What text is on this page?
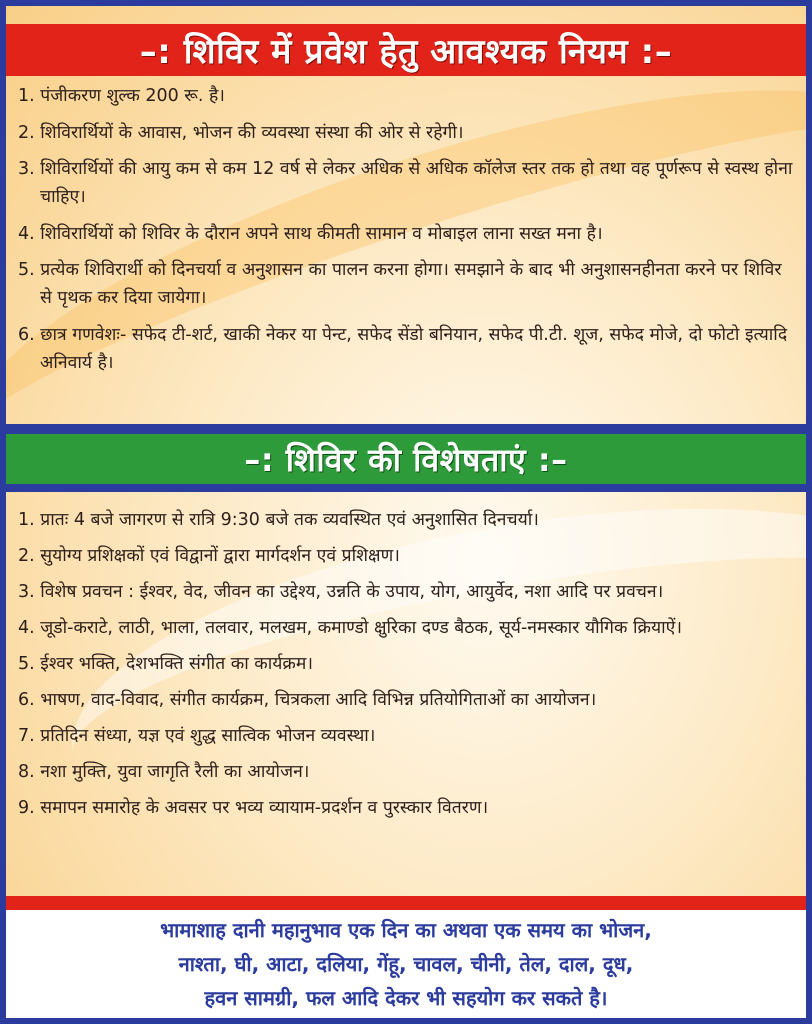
–: शिविर में प्रवेश हेतु आवश्यक नियम :–
1. पंजीकरण शुल्क 200 रू. है।
2. शिविरार्थियों के आवास, भोजन की व्यवस्था संस्था की ओर से रहेगी।
3. शिविरार्थियों की आयु कम से कम 12 वर्ष से लेकर अधिक से अधिक कॉलेज स्तर तक हो तथा वह पूर्णरूप से स्वस्थ होना चाहिए।
4. शिविरार्थियों को शिविर के दौरान अपने साथ कीमती सामान व मोबाइल लाना सख्त मना है।
5. प्रत्येक शिविरार्थी को दिनचर्या व अनुशासन का पालन करना होगा। समझाने के बाद भी अनुशासनहीनता करने पर शिविर से पृथक कर दिया जायेगा।
6. छात्र गणवेशः- सफेद टी-शर्ट, खाकी नेकर या पेन्ट, सफेद सेंडो बनियान, सफेद पी.टी. शूज, सफेद मोजे, दो फोटो इत्यादि अनिवार्य है।
–: शिविर की विशेषताएं :–
1. प्रातः 4 बजे जागरण से रात्रि 9:30 बजे तक व्यवस्थित एवं अनुशासित दिनचर्या।
2. सुयोग्य प्रशिक्षकों एवं विद्वानों द्वारा मार्गदर्शन एवं प्रशिक्षण।
3. विशेष प्रवचन : ईश्वर, वेद, जीवन का उद्देश्य, उन्नति के उपाय, योग, आयुर्वेद, नशा आदि पर प्रवचन।
4. जूडो-कराटे, लाठी, भाला, तलवार, मलखम, कमाण्डो क्षुरिका दण्ड बैठक, सूर्य-नमस्कार यौगिक क्रियाऐं।
5. ईश्वर भक्ति, देशभक्ति संगीत का कार्यक्रम।
6. भाषण, वाद-विवाद, संगीत कार्यक्रम, चित्रकला आदि विभिन्न प्रतियोगिताओं का आयोजन।
7. प्रतिदिन संध्या, यज्ञ एवं शुद्ध सात्विक भोजन व्यवस्था।
8. नशा मुक्ति, युवा जागृति रैली का आयोजन।
9. समापन समारोह के अवसर पर भव्य व्यायाम-प्रदर्शन व पुरस्कार वितरण।
भामाशाह दानी महानुभाव एक दिन का अथवा एक समय का भोजन,
नाश्ता, घी, आटा, दलिया, गेंहू, चावल, चीनी, तेल, दाल, दूध,
हवन सामग्री, फल आदि देकर भी सहयोग कर सकते है।
